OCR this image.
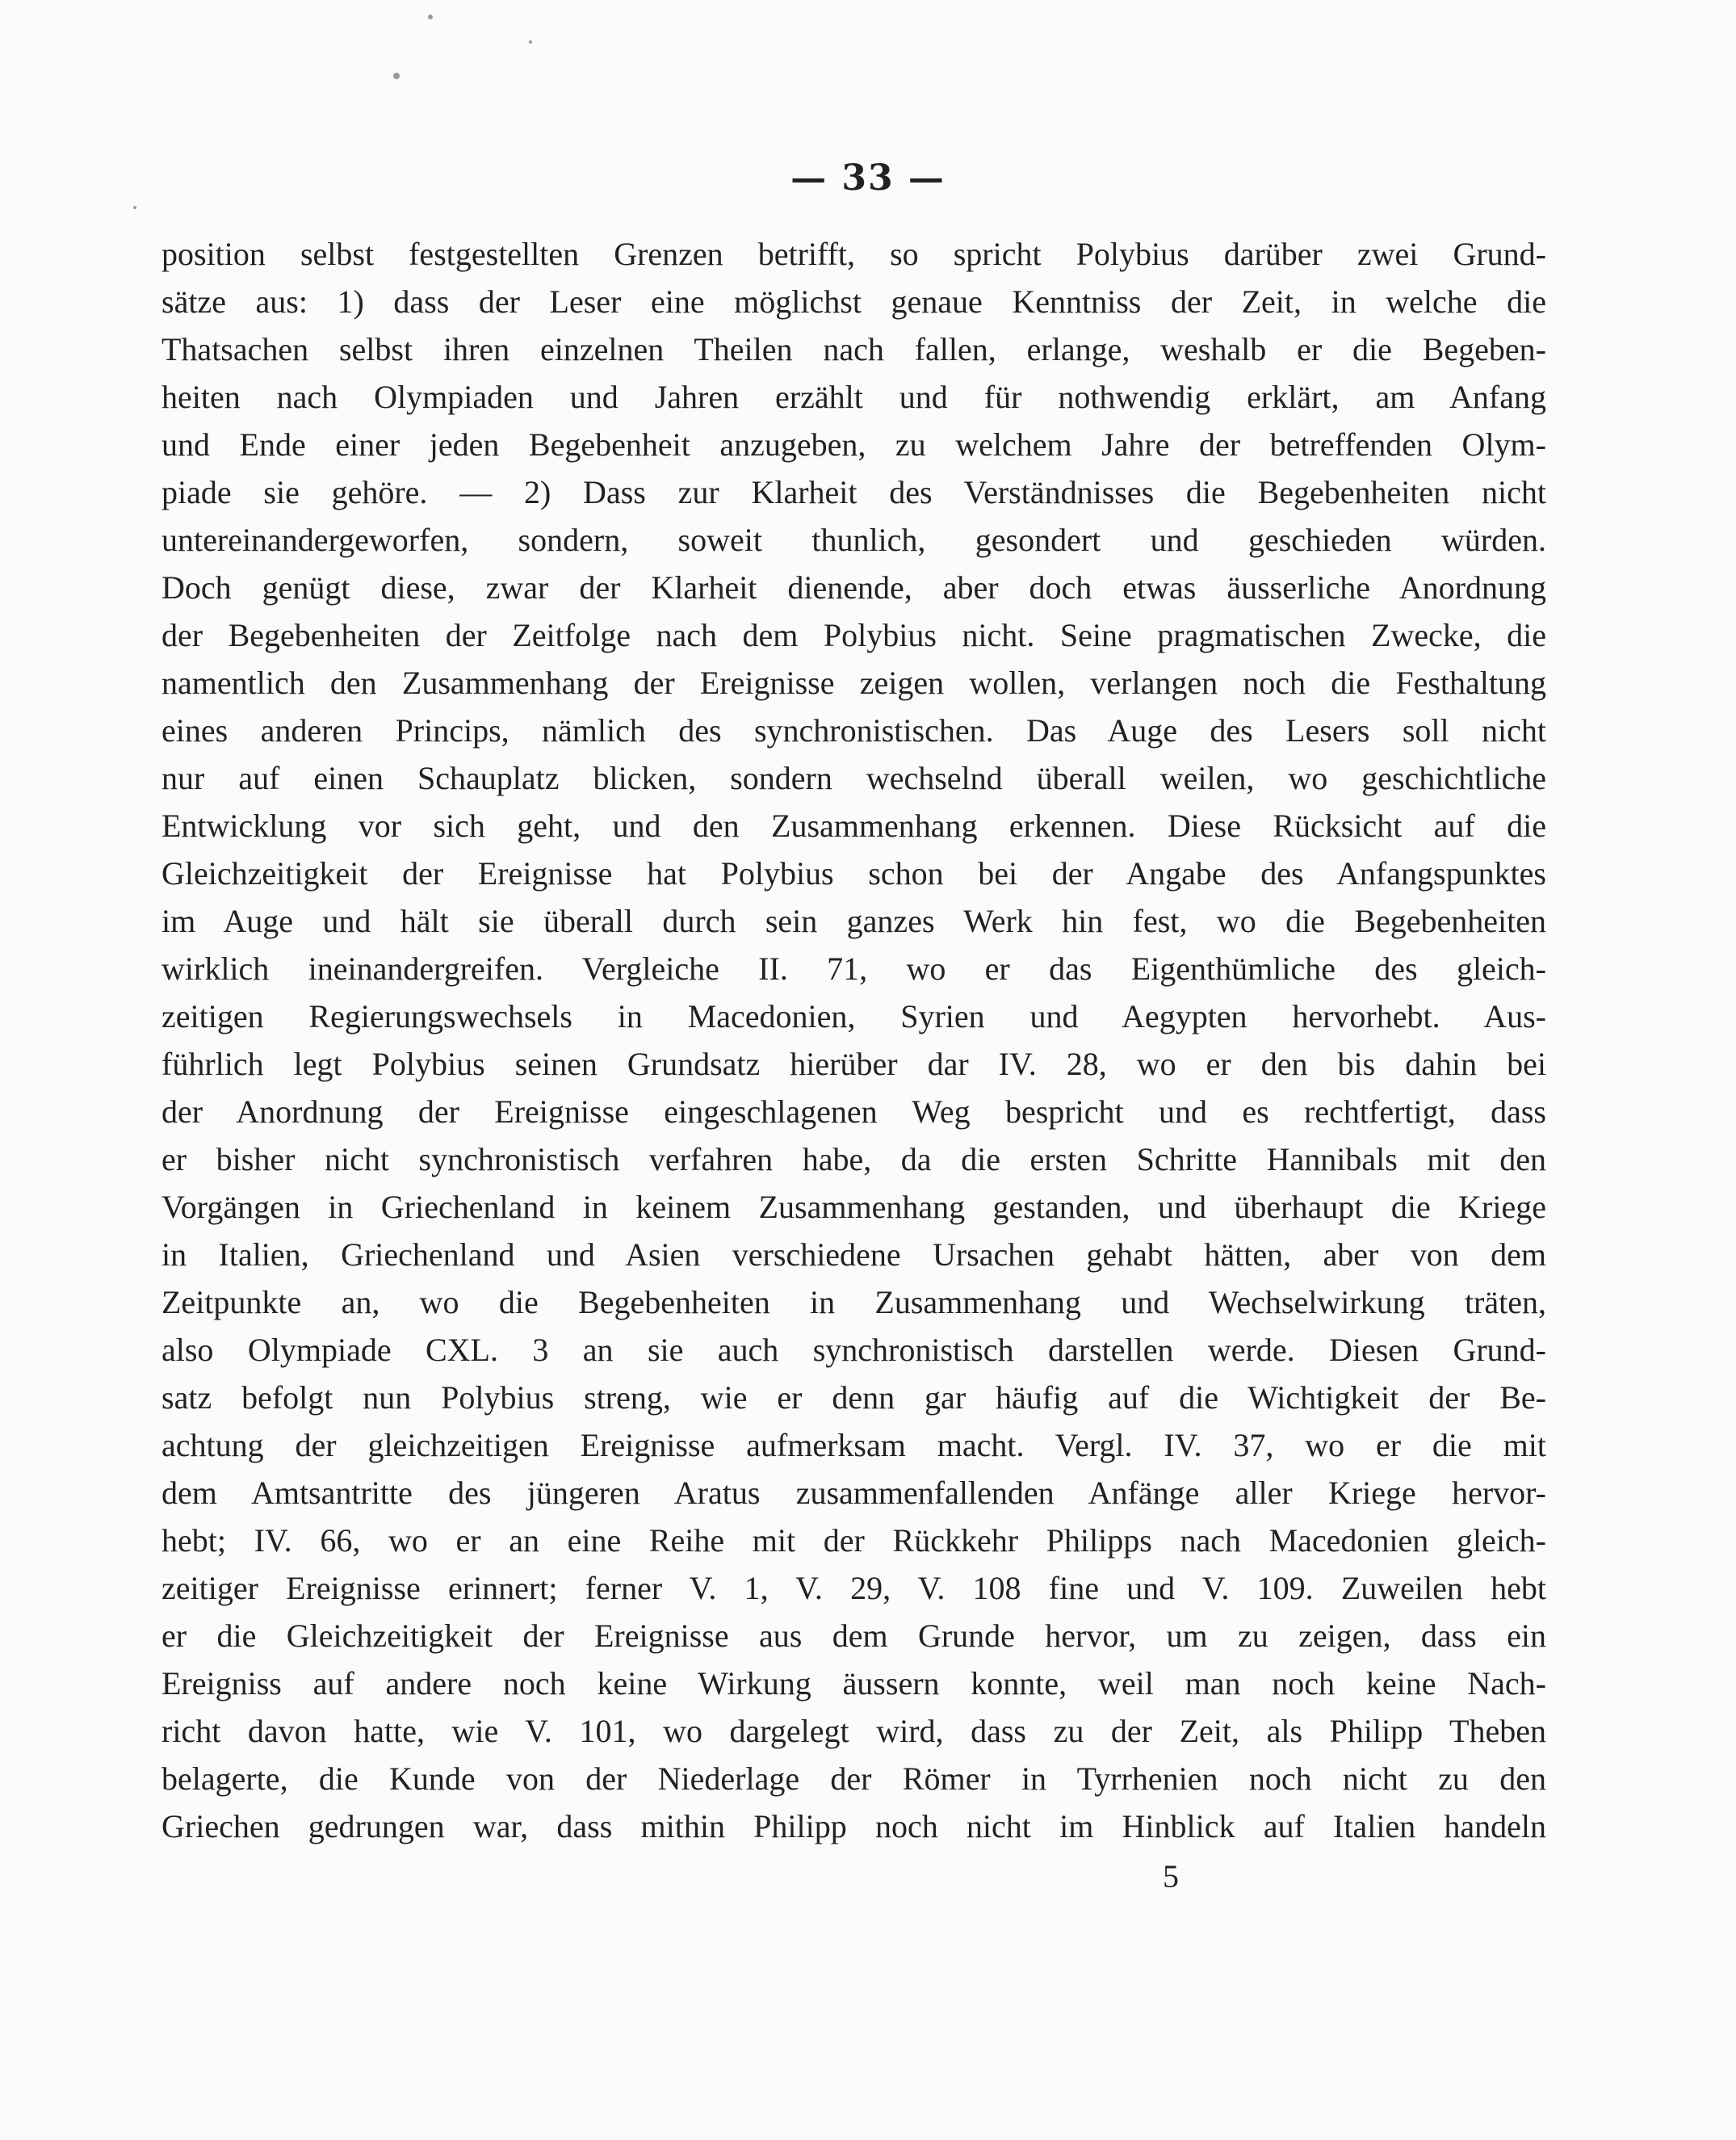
— 33 —
position selbst festgestellten Grenzen betrifft, so spricht Polybius darüber zwei Grund-
sätze aus: 1) dass der Leser eine möglichst genaue Kenntniss der Zeit, in welche die
Thatsachen selbst ihren einzelnen Theilen nach fallen, erlange, weshalb er die Begeben-
heiten nach Olympiaden und Jahren erzählt und für nothwendig erklärt, am Anfang
und Ende einer jeden Begebenheit anzugeben, zu welchem Jahre der betreffenden Olym-
piade sie gehöre. — 2) Dass zur Klarheit des Verständnisses die Begebenheiten nicht
untereinandergeworfen, sondern, soweit thunlich, gesondert und geschieden würden.
Doch genügt diese, zwar der Klarheit dienende, aber doch etwas äusserliche Anordnung
der Begebenheiten der Zeitfolge nach dem Polybius nicht. Seine pragmatischen Zwecke, die
namentlich den Zusammenhang der Ereignisse zeigen wollen, verlangen noch die Festhaltung
eines anderen Princips, nämlich des synchronistischen. Das Auge des Lesers soll nicht
nur auf einen Schauplatz blicken, sondern wechselnd überall weilen, wo geschichtliche
Entwicklung vor sich geht, und den Zusammenhang erkennen. Diese Rücksicht auf die
Gleichzeitigkeit der Ereignisse hat Polybius schon bei der Angabe des Anfangspunktes
im Auge und hält sie überall durch sein ganzes Werk hin fest, wo die Begebenheiten
wirklich ineinandergreifen. Vergleiche II. 71, wo er das Eigenthümliche des gleich-
zeitigen Regierungswechsels in Macedonien, Syrien und Aegypten hervorhebt. Aus-
führlich legt Polybius seinen Grundsatz hierüber dar IV. 28, wo er den bis dahin bei
der Anordnung der Ereignisse eingeschlagenen Weg bespricht und es rechtfertigt, dass
er bisher nicht synchronistisch verfahren habe, da die ersten Schritte Hannibals mit den
Vorgängen in Griechenland in keinem Zusammenhang gestanden, und überhaupt die Kriege
in Italien, Griechenland und Asien verschiedene Ursachen gehabt hätten, aber von dem
Zeitpunkte an, wo die Begebenheiten in Zusammenhang und Wechselwirkung träten,
also Olympiade CXL. 3 an sie auch synchronistisch darstellen werde. Diesen Grund-
satz befolgt nun Polybius streng, wie er denn gar häufig auf die Wichtigkeit der Be-
achtung der gleichzeitigen Ereignisse aufmerksam macht. Vergl. IV. 37, wo er die mit
dem Amtsantritte des jüngeren Aratus zusammenfallenden Anfänge aller Kriege hervor-
hebt; IV. 66, wo er an eine Reihe mit der Rückkehr Philipps nach Macedonien gleich-
zeitiger Ereignisse erinnert; ferner V. 1, V. 29, V. 108 fine und V. 109. Zuweilen hebt
er die Gleichzeitigkeit der Ereignisse aus dem Grunde hervor, um zu zeigen, dass ein
Ereigniss auf andere noch keine Wirkung äussern konnte, weil man noch keine Nach-
richt davon hatte, wie V. 101, wo dargelegt wird, dass zu der Zeit, als Philipp Theben
belagerte, die Kunde von der Niederlage der Römer in Tyrrhenien noch nicht zu den
Griechen gedrungen war, dass mithin Philipp noch nicht im Hinblick auf Italien handeln
5
